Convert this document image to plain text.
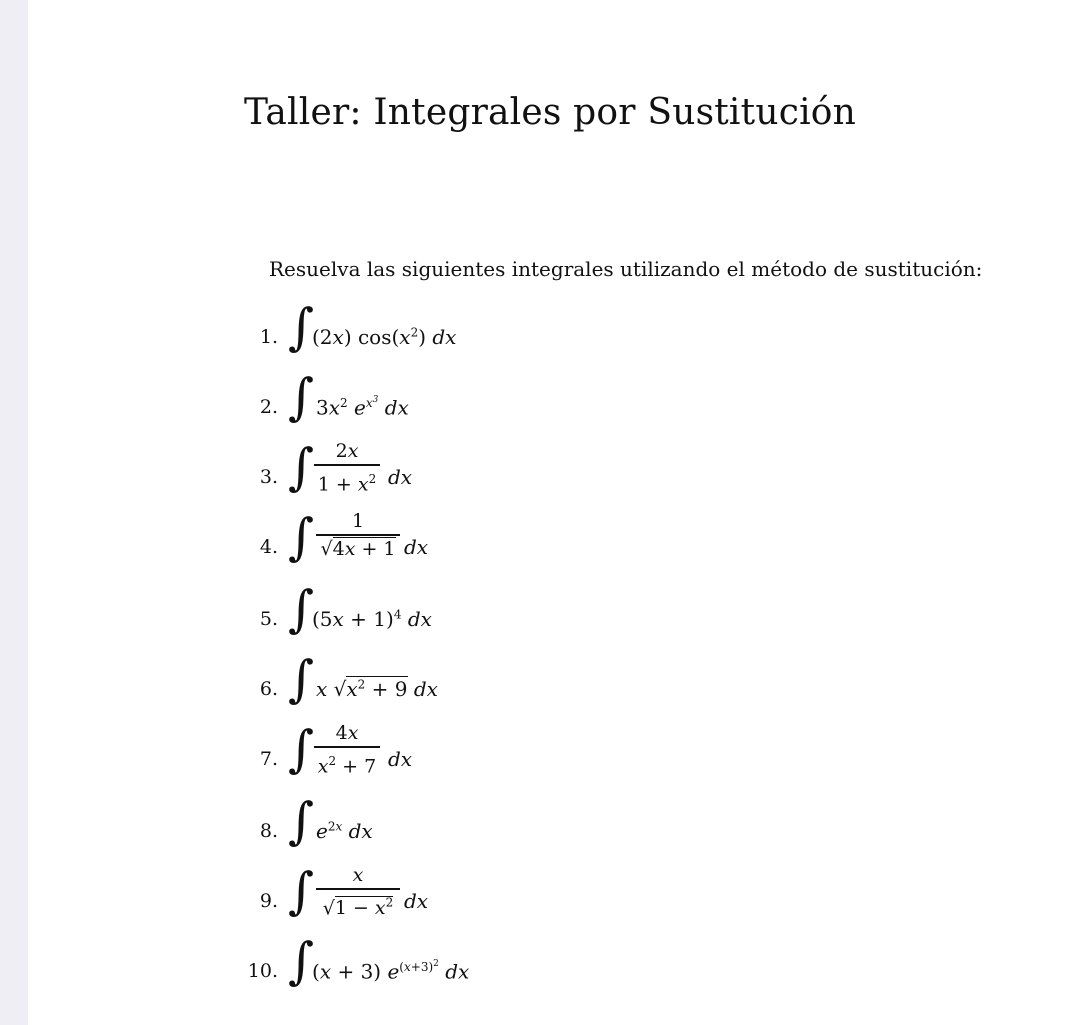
Taller: Integrales por Sustitución
Resuelva las siguientes integrales utilizando el método de sustitución:
1. ∫
(2x) $\cos(x^2)$ dx
2. ∫ $3x^2$ $e^{x^3}$ dx
3. ∫	2x
$1 + x^2$ dx
4. ∫	1
√4x + 1 dx
5. ∫
$(5x + 1)^4$ dx
6. ∫ x $√x^2 + 9$ dx
7. ∫	4x
$x^2 + 7$ dx
8. ∫ $e^{2x}$ dx
9. ∫	x
$√1 - x^2$ dx
10. ∫
(x + 3) $e^{(x+3)^2}$ dx
